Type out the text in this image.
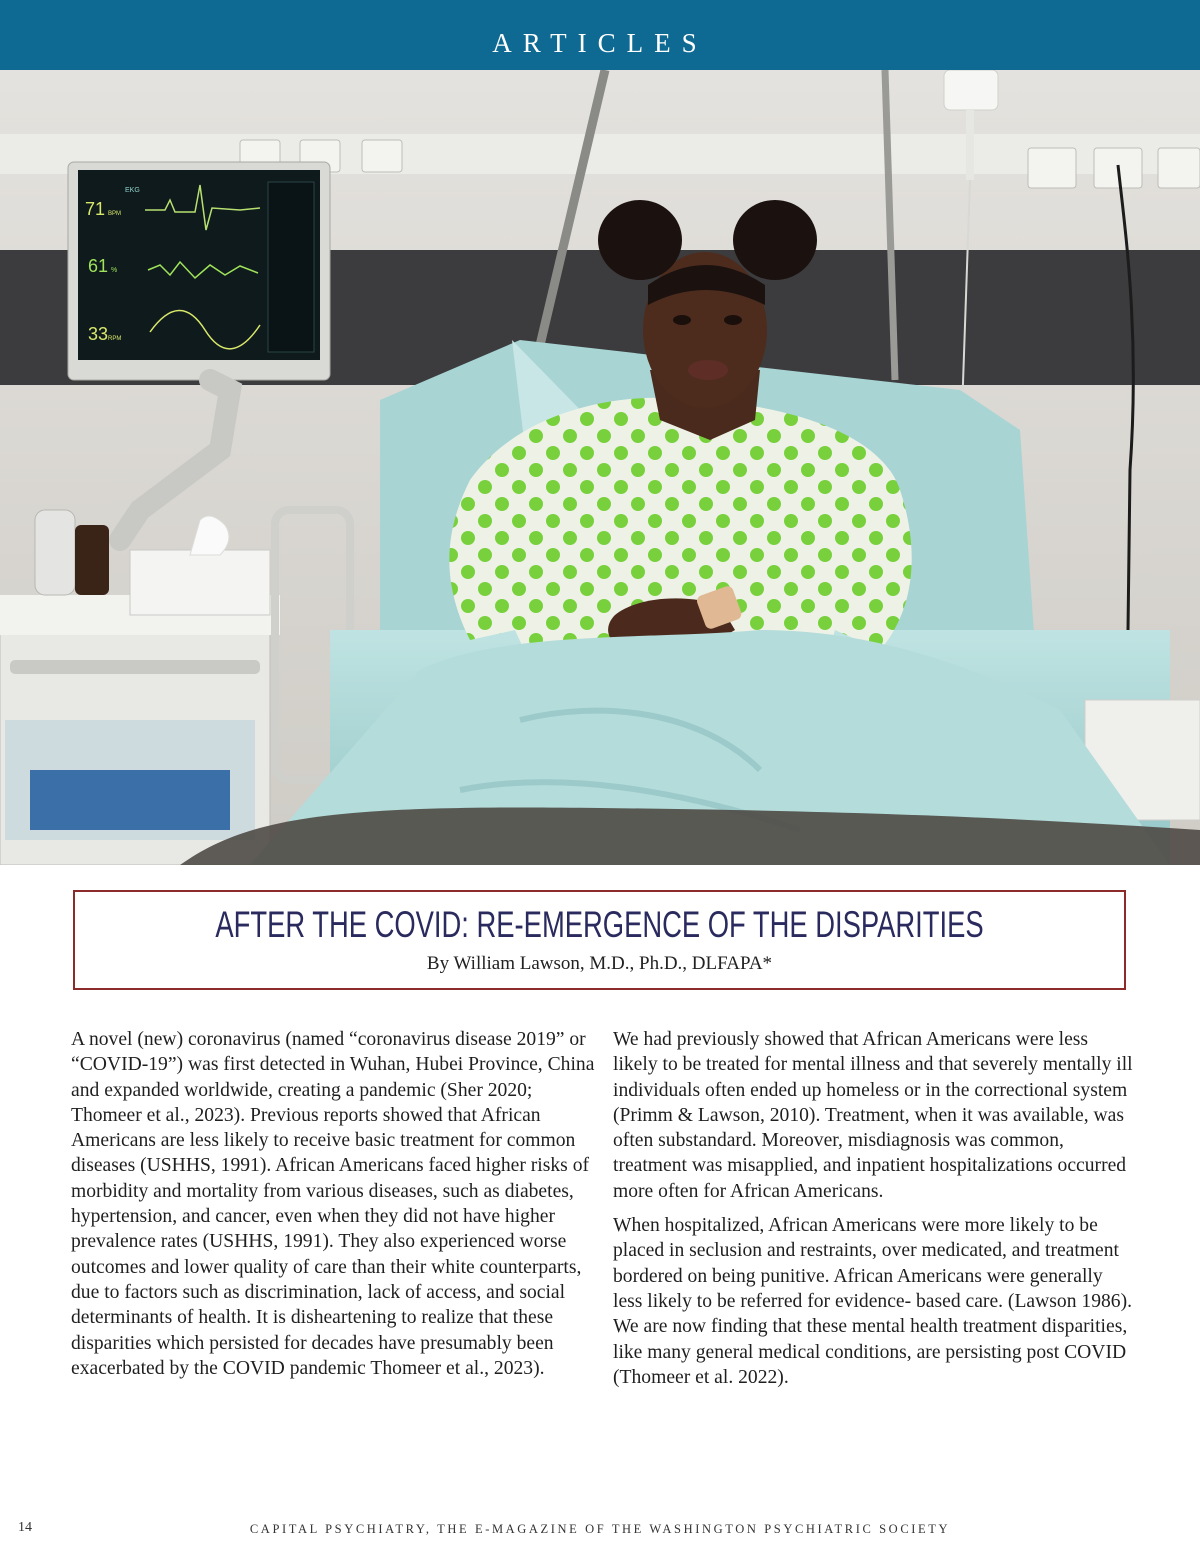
ARTICLES
71
61
33
EKG
BPM
%
RPM
AFTER THE COVID: RE-EMERGENCE OF THE DISPARITIES
By William Lawson, M.D., Ph.D., DLFAPA*

A novel (new) coronavirus (named “coronavirus disease 2019” or “COVID-19”) was first detected in Wuhan, Hubei Province, China and expanded worldwide, creating a pandemic (Sher 2020; Thomeer et al., 2023). Previous reports showed that African Americans are less likely to receive basic treatment for common diseases (USHHS, 1991). African Americans faced higher risks of morbidity and mortality from various diseases, such as diabetes, hypertension, and cancer, even when they did not have higher prevalence rates (USHHS, 1991). They also experienced worse outcomes and lower quality of care than their white counterparts, due to factors such as discrimination, lack of access, and social determinants of health. It is disheartening to realize that these disparities which persisted for decades have presumably been exacerbated by the COVID pandemic Thomeer et al., 2023).

We had previously showed that African Americans were less likely to be treated for mental illness and that severely mentally ill individuals often ended up homeless or in the correctional system (Primm & Lawson, 2010). Treatment, when it was available, was often substandard. Moreover, misdiagnosis was common, treatment was misapplied, and inpatient hospitalizations occurred more often for African Americans.

When hospitalized, African Americans were more likely to be placed in seclusion and restraints, over medicated, and treatment bordered on being punitive. African Americans were generally less likely to be referred for evidence- based care. (Lawson 1986). We are now finding that these mental health treatment disparities, like many general medical conditions, are persisting post COVID (Thomeer et al. 2022).

14	CAPITAL PSYCHIATRY, THE E-MAGAZINE OF THE WASHINGTON PSYCHIATRIC SOCIETY
